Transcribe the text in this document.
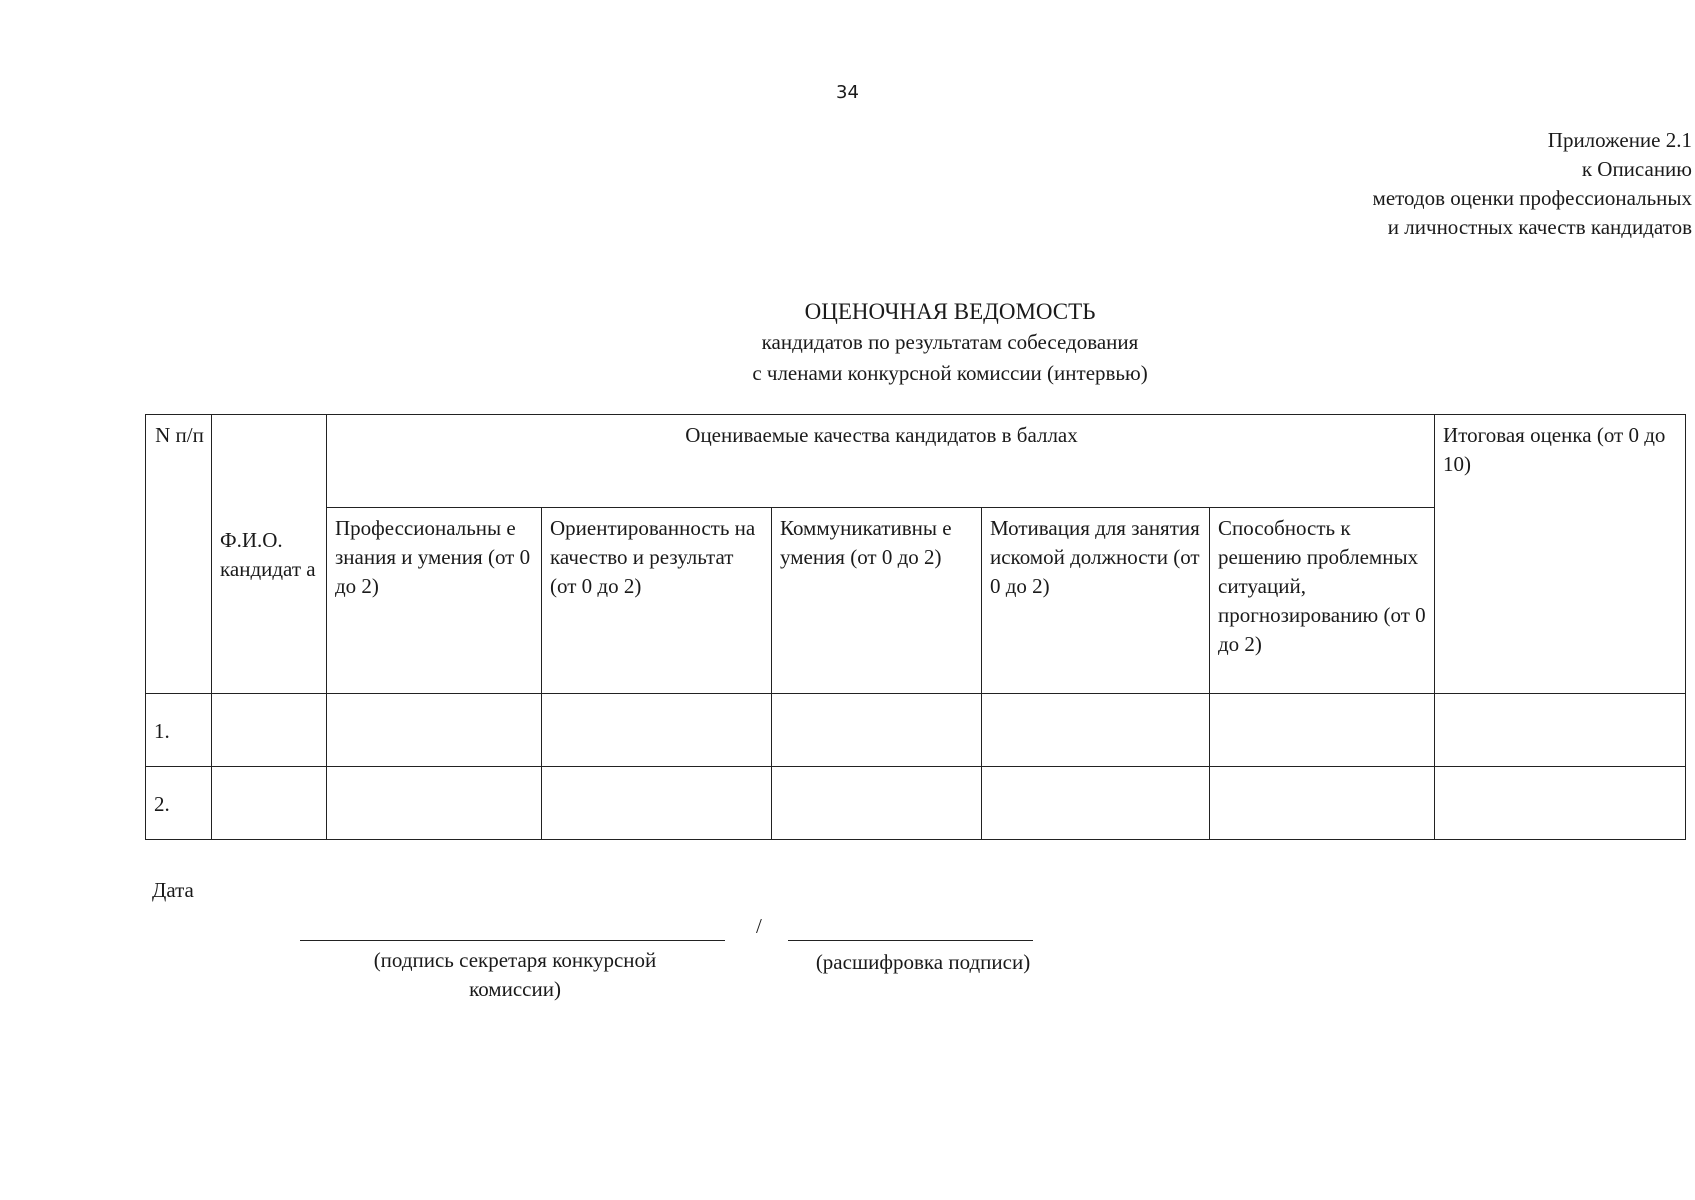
34
Приложение 2.1
к Описанию
методов оценки профессиональных
и личностных качеств кандидатов
ОЦЕНОЧНАЯ ВЕДОМОСТЬ
кандидатов по результатам собеседования
с членами конкурсной комиссии (интервью)
N п/п	Ф.И.О. кандидат а	Оцениваемые качества кандидатов в баллах					Итоговая оценка (от 0 до 10)
		Профессиональны е знания и умения (от 0 до 2)	Ориентированность на качество и результат (от 0 до 2)	Коммуникативны е умения (от 0 до 2)	Мотивация для занятия искомой должности (от 0 до 2)	Способность к решению проблемных ситуаций, прогнозированию (от 0 до 2)	
1.							
2.							
Дата
/
(подпись секретаря конкурсной комиссии)
(расшифровка подписи)
